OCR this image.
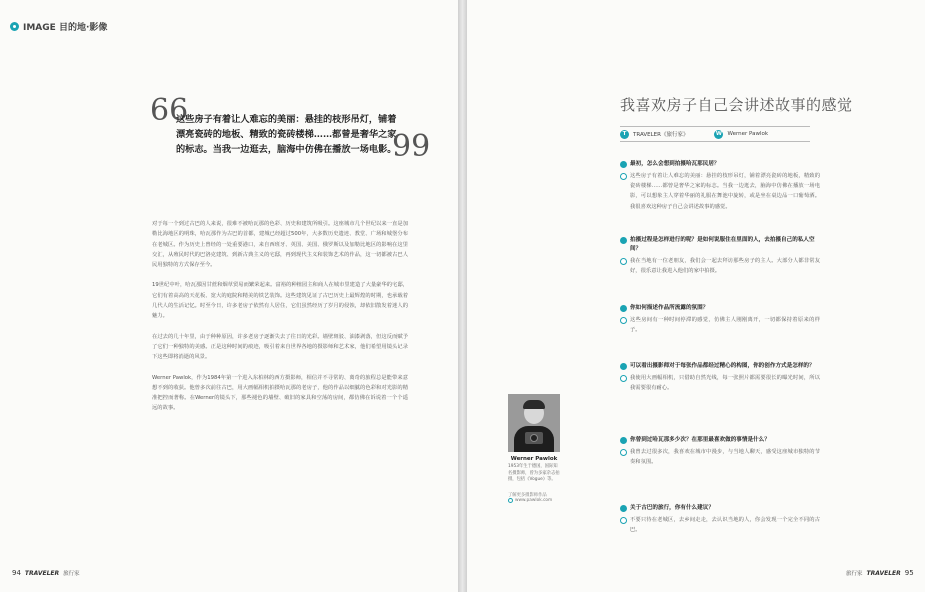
IMAGE 目的地·影像
66
这些房子有着让人难忘的美丽：悬挂的枝形吊灯，铺着漂亮瓷砖的地板、精致的瓷砖楼梯……都曾是奢华之家的标志。当我一边逛去，脑海中仿佛在播放一场电影。
99

对于每一个到过古巴的人来说，很难不被哈瓦那的色彩、历史和建筑所吸引。这座城市几个世纪以来一直是加勒比海地区的明珠，哈瓦那作为古巴的首都，建城已经超过500年，大多数历史遗迹、教堂、广场和城堡分布在老城区。作为历史上曾经的一处重要港口，来自西班牙、英国、美国、俄罗斯以及加勒比地区的影响在这里交汇，从殖民时代的巴洛克建筑、到新古典主义的宅邸，再到现代主义和装饰艺术的作品，这一切都被古巴人民用独特的方式保存至今。

19世纪中叶，哈瓦那因甘蔗和烟草贸易而繁荣起来。富裕的种植园主和商人在城市里建造了大量豪华的宅邸，它们有着高高的天花板、宽大的庭院和精美的铁艺装饰。这些建筑见证了古巴历史上最辉煌的时期，也承载着几代人的生活记忆。时至今日，许多老房子依然有人居住，它们虽然经历了岁月的侵蚀，却依旧散发着迷人的魅力。

在过去的几十年里，由于种种原因，许多老房子逐渐失去了往日的光彩。墙壁斑驳、油漆剥落，但这反而赋予了它们一种独特的美感。正是这种时间的痕迹，吸引着来自世界各地的摄影师和艺术家，他们希望用镜头记录下这些即将消逝的风景。

Werner Pawlok，作为1984年第一个进入东柏林的西方摄影师，相信并不寻常的、离奇的旅程总是能带来意想不到的收获。他曾多次前往古巴，用大画幅相机拍摄哈瓦那的老房子，他的作品以细腻的色彩和对光影的精准把控而著称。在Werner的镜头下，那些褪色的墙壁、破旧的家具和空荡的房间，都仿佛在诉说着一个个遥远的故事。

94 TRAVELER 旅行家
我喜欢房子自己会讲述故事的感觉
T	TRAVELER《旅行家》	W Werner Pawlok
最初，怎么会想到拍摄哈瓦那民居？
这些房子有着让人难忘的美丽：悬挂的枝形吊灯，铺着漂亮瓷砖的地板，精致的瓷砖楼梯……都曾是奢华之家的标志。当我一边逛去，脑海中仿佛在播放一场电影，可以想象主人穿着华丽的礼服在舞池中旋转，或是坐在桌边品一口葡萄酒。我很喜欢这种房子自己会讲述故事的感觉。
拍摄过程是怎样进行的呢？是如何说服住在里面的人，去拍摄自己的私人空间？
我在当地有一位老朋友，我们会一起去拜访那些房子的主人。大部分人都非常友好，很乐意让我进入他们的家中拍摄。
你如何描述作品所流露的氛围？
这些房间有一种时间停滞的感觉，仿佛主人刚刚离开，一切都保持着原来的样子。
可以看出摄影师对于每张作品都经过精心的构图，你的创作方式是怎样的？
我使用大画幅相机，只借助自然光线，每一张照片都需要很长的曝光时间，所以我需要很有耐心。
你曾到过哈瓦那多少次？在那里最喜欢做的事情是什么？
我曾去过很多次，我喜欢在城市中漫步，与当地人聊天，感受这座城市独特的节奏和氛围。
关于古巴的旅行，你有什么建议？
不要只待在老城区，去乡间走走，去认识当地的人，你会发现一个完全不同的古巴。
旅行家 TRAVELER 95
Werner Pawlok
1953年生于德国，国际知名摄影师，曾为多家杂志拍摄，包括《Vogue》等。
了解更多摄影师作品
www.pawlok.com
